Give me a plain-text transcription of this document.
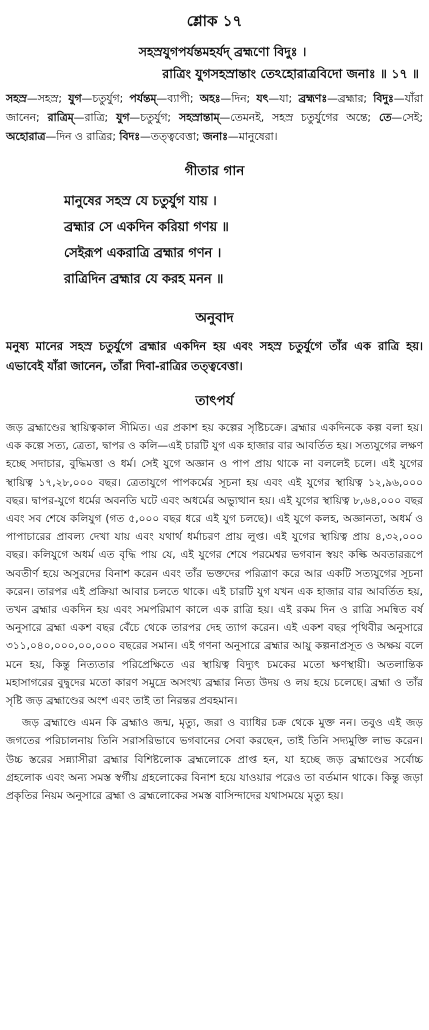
শ্লোক ১৭
সহস্রযুগপর্যন্তমহর্যদ্ ব্রহ্মণো বিদুঃ ।
রাত্রিং যুগসহস্রান্তাং তেঽহোরাত্রবিদো জনাঃ ॥ ১৭ ॥
সহস্র—সহস্র; যুগ—চতুর্যুগ; পর্যন্তম্—ব্যাপী; অহঃ—দিন; যৎ—যা; ব্রহ্মণঃ—ব্রহ্মার; বিদুঃ—যাঁরা জানেন; রাত্রিম্—রাত্রি; যুগ—চতুর্যুগ; সহস্রান্তাম্—তেমনই, সহস্র চতুর্যুগের অন্তে; তে—সেই; অহোরাত্র—দিন ও রাত্রির; বিদঃ—তত্ত্ববেত্তা; জনাঃ—মানুষেরা।
গীতার গান
মানুষের সহস্র যে চতুর্যুগ যায় ।
ব্রহ্মার সে একদিন করিয়া গণয় ॥
সেইরূপ একরাত্রি ব্রহ্মার গণন ।
রাত্রিদিন ব্রহ্মার যে করহ মনন ॥
অনুবাদ
মনুষ্য মানের সহস্র চতুর্যুগে ব্রহ্মার একদিন হয় এবং সহস্র চতুর্যুগে তাঁর এক রাত্রি হয়। এভাবেই যাঁরা জানেন, তাঁরা দিবা-রাত্রির তত্ত্ববেত্তা।
তাৎপর্য

জড় ব্রহ্মাণ্ডের স্থায়িত্বকাল সীমিত। এর প্রকাশ হয় কল্পের সৃষ্টিচক্রে। ব্রহ্মার একদিনকে কল্প বলা হয়। এক কল্পে সত্য, ত্রেতা, দ্বাপর ও কলি—এই চারটি যুগ এক হাজার বার আবর্তিত হয়। সত্যযুগের লক্ষণ হচ্ছে সদাচার, বুদ্ধিমত্তা ও ধর্ম। সেই যুগে অজ্ঞান ও পাপ প্রায় থাকে না বললেই চলে। এই যুগের স্থায়িত্ব ১৭,২৮,০০০ বছর। ত্রেতাযুগে পাপকর্মের সূচনা হয় এবং এই যুগের স্থায়িত্ব ১২,৯৬,০০০ বছর। দ্বাপর-যুগে ধর্মের অবনতি ঘটে এবং অধর্মের অভ্যুত্থান হয়। এই যুগের স্থায়িত্ব ৮,৬৪,০০০ বছর এবং সব শেষে কলিযুগ (গত ৫,০০০ বছর ধরে এই যুগ চলছে)। এই যুগে কলহ, অজ্ঞানতা, অধর্ম ও পাপাচারের প্রাবল্য দেখা যায় এবং যথার্থ ধর্মাচরণ প্রায় লুপ্ত। এই যুগের স্থায়িত্ব প্রায় ৪,৩২,০০০ বছর। কলিযুগে অধর্ম এত বৃদ্ধি পায় যে, এই যুগের শেষে পরমেশ্বর ভগবান স্বয়ং কল্কি অবতাররূপে অবতীর্ণ হয়ে অসুরদের বিনাশ করেন এবং তাঁর ভক্তদের পরিত্রাণ করে আর একটি সত্যযুগের সূচনা করেন। তারপর এই প্রক্রিয়া আবার চলতে থাকে। এই চারটি যুগ যখন এক হাজার বার আবর্তিত হয়, তখন ব্রহ্মার একদিন হয় এবং সমপরিমাণ কালে এক রাত্রি হয়। এই রকম দিন ও রাত্রি সমন্বিত বর্ষ অনুসারে ব্রহ্মা একশ বছর বেঁচে থেকে তারপর দেহ ত্যাগ করেন। এই একশ বছর পৃথিবীর অনুসারে ৩১১,০৪০,০০০,০০,০০০ বছরের সমান। এই গণনা অনুসারে ব্রহ্মার আয়ু কল্পনাপ্রসূত ও অক্ষয় বলে মনে হয়, কিন্তু নিত্যতার পরিপ্রেক্ষিতে এর স্থায়িত্ব বিদ্যুৎ চমকের মতো ক্ষণস্থায়ী। অতলান্তিক মহাসাগরের বুদ্বুদের মতো কারণ সমুদ্রে অসংখ্য ব্রহ্মার নিত্য উদয় ও লয় হয়ে চলেছে। ব্রহ্মা ও তাঁর সৃষ্টি জড় ব্রহ্মাণ্ডের অংশ এবং তাই তা নিরন্তর প্রবহমান।

জড় ব্রহ্মাণ্ডে এমন কি ব্রহ্মাও জন্ম, মৃত্যু, জরা ও ব্যাধির চক্র থেকে মুক্ত নন। তবুও এই জড় জগতের পরিচালনায় তিনি সরাসরিভাবে ভগবানের সেবা করছেন, তাই তিনি সদ্যমুক্তি লাভ করেন। উচ্চ স্তরের সন্ন্যাসীরা ব্রহ্মার বিশিষ্টলোক ব্রহ্মলোকে প্রাপ্ত হন, যা হচ্ছে জড় ব্রহ্মাণ্ডের সর্বোচ্চ গ্রহলোক এবং অন্য সমস্ত স্বর্গীয় গ্রহলোকের বিনাশ হয়ে যাওয়ার পরেও তা বর্তমান থাকে। কিন্তু জড়া প্রকৃতির নিয়ম অনুসারে ব্রহ্মা ও ব্রহ্মলোকের সমস্ত বাসিন্দাদের যথাসময়ে মৃত্যু হয়।
